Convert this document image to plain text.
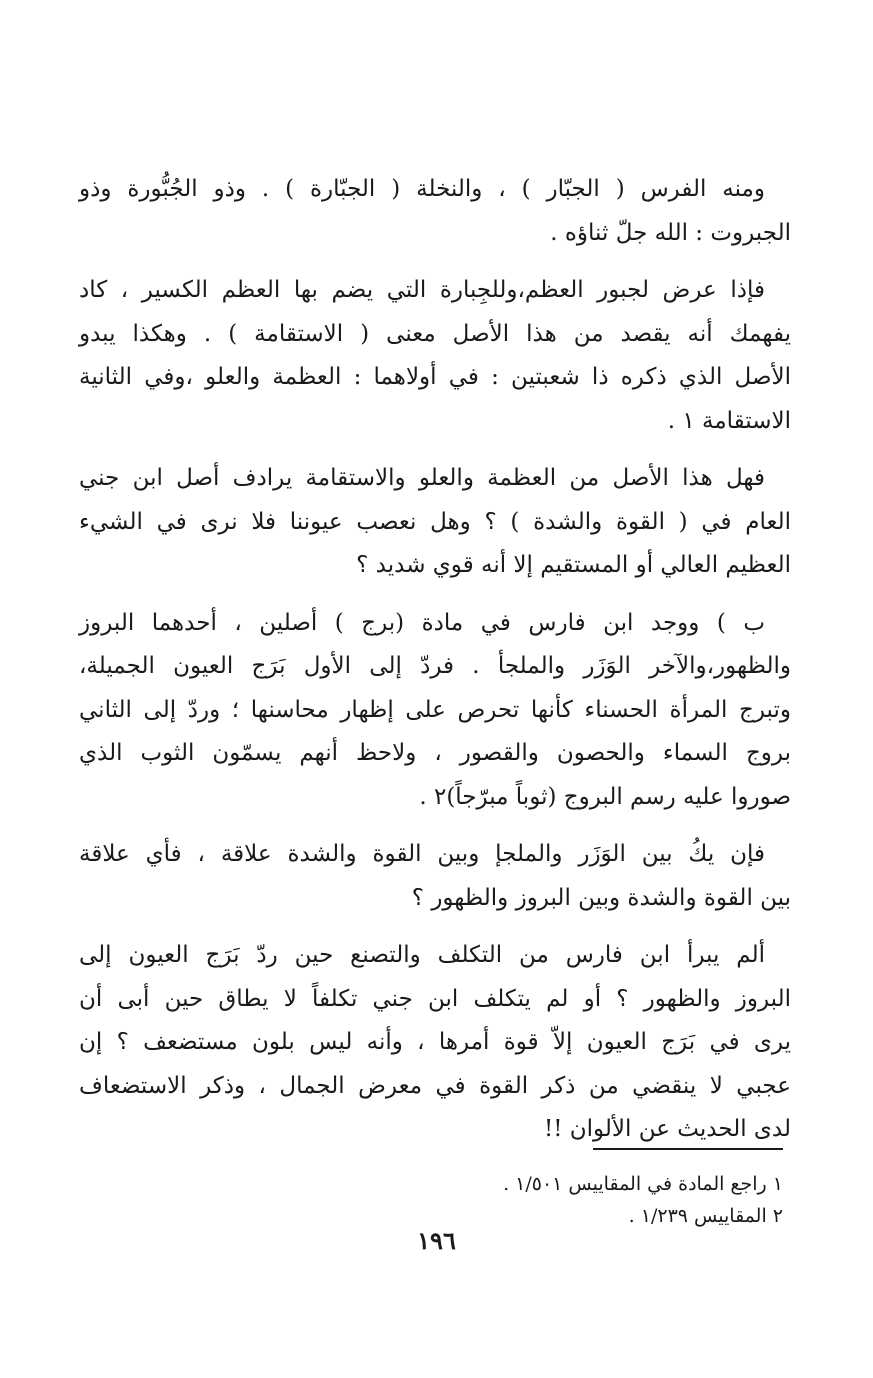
ومنه الفرس ( الجبّار ) ، والنخلة ( الجبّارة ) . وذو الجُبُّورة وذو
الجبروت : الله جلّ ثناؤه .

فإذا عرض لجبور العظم،وللجِبارة التي يضم بها العظم الكسير ، كاد
يفهمك أنه يقصد من هذا الأصل معنى ( الاستقامة ) . وهكذا يبدو
الأصل الذي ذكره ذا شعبتين : في أولاهما : العظمة والعلو ،وفي الثانية
الاستقامة ١ .

فهل هذا الأصل من العظمة والعلو والاستقامة يرادف أصل ابن جني
العام في ( القوة والشدة ) ؟ وهل نعصب عيوننا فلا نرى في الشيء
العظيم العالي أو المستقيم إلا أنه قوي شديد ؟

ب ) ووجد ابن فارس في مادة (برج ) أصلين ، أحدهما البروز
والظهور،والآخر الوَزَر والملجأ . فردّ إلى الأول بَرَج العيون الجميلة،
وتبرج المرأة الحسناء كأنها تحرص على إظهار محاسنها ؛ وردّ إلى الثاني
بروج السماء والحصون والقصور ، ولاحظ أنهم يسمّون الثوب الذي
صوروا عليه رسم البروج (ثوباً مبرّجاً)٢ .

فإن يكُ بين الوَزَر والملجإ وبين القوة والشدة علاقة ، فأي علاقة
بين القوة والشدة وبين البروز والظهور ؟

ألم يبرأ ابن فارس من التكلف والتصنع حين ردّ بَرَج العيون إلى
البروز والظهور ؟ أو لم يتكلف ابن جني تكلفاً لا يطاق حين أبى أن
يرى في بَرَج العيون إلاّ قوة أمرها ، وأنه ليس بلون مستضعف ؟ إن
عجبي لا ينقضي من ذكر القوة في معرض الجمال ، وذكر الاستضعاف
لدى الحديث عن الألوان !!

١ راجع المادة في المقاييس ١/٥٠١ .
٢ المقاييس ١/٢٣٩ .
١٩٦
